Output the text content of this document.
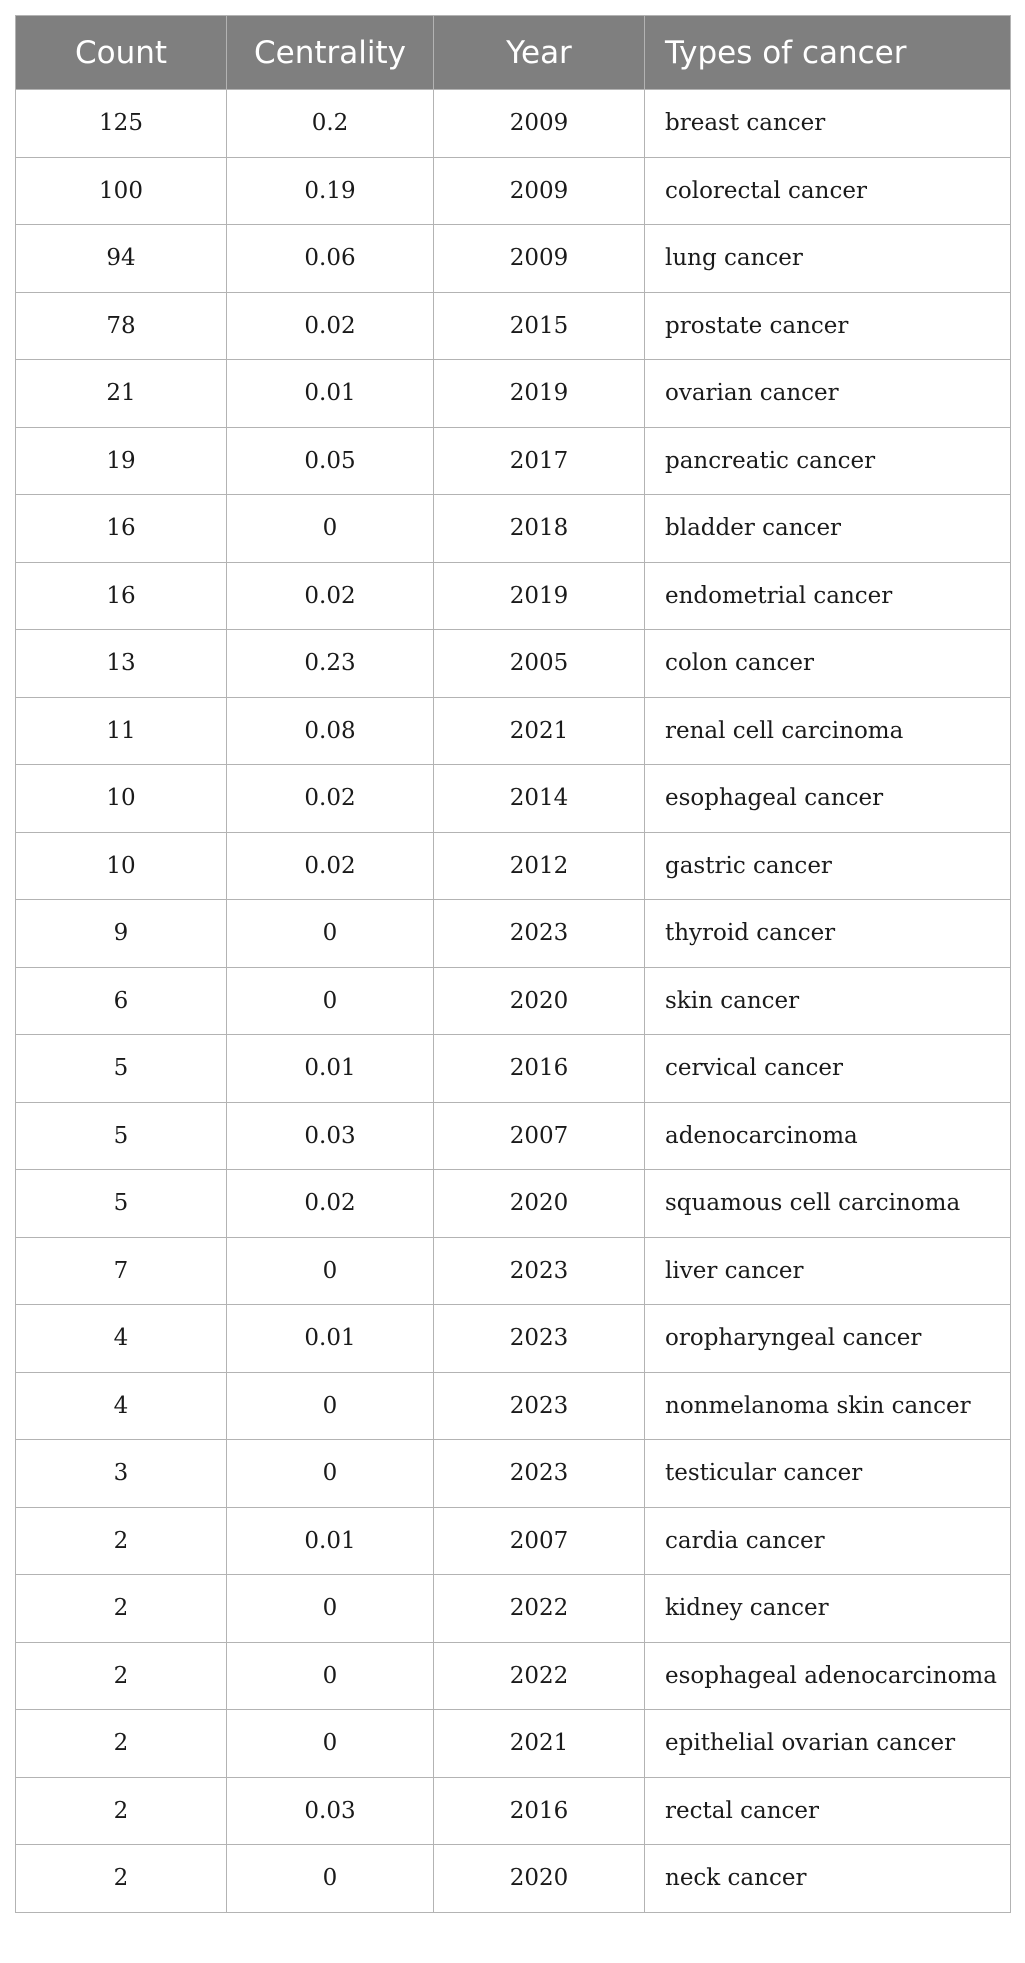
Count	Centrality	Year	Types of cancer
125	0.2	2009	breast cancer
100	0.19	2009	colorectal cancer
94	0.06	2009	lung cancer
78	0.02	2015	prostate cancer
21	0.01	2019	ovarian cancer
19	0.05	2017	pancreatic cancer
16	0	2018	bladder cancer
16	0.02	2019	endometrial cancer
13	0.23	2005	colon cancer
11	0.08	2021	renal cell carcinoma
10	0.02	2014	esophageal cancer
10	0.02	2012	gastric cancer
9	0	2023	thyroid cancer
6	0	2020	skin cancer
5	0.01	2016	cervical cancer
5	0.03	2007	adenocarcinoma
5	0.02	2020	squamous cell carcinoma
7	0	2023	liver cancer
4	0.01	2023	oropharyngeal cancer
4	0	2023	nonmelanoma skin cancer
3	0	2023	testicular cancer
2	0.01	2007	cardia cancer
2	0	2022	kidney cancer
2	0	2022	esophageal adenocarcinoma
2	0	2021	epithelial ovarian cancer
2	0.03	2016	rectal cancer
2	0	2020	neck cancer
